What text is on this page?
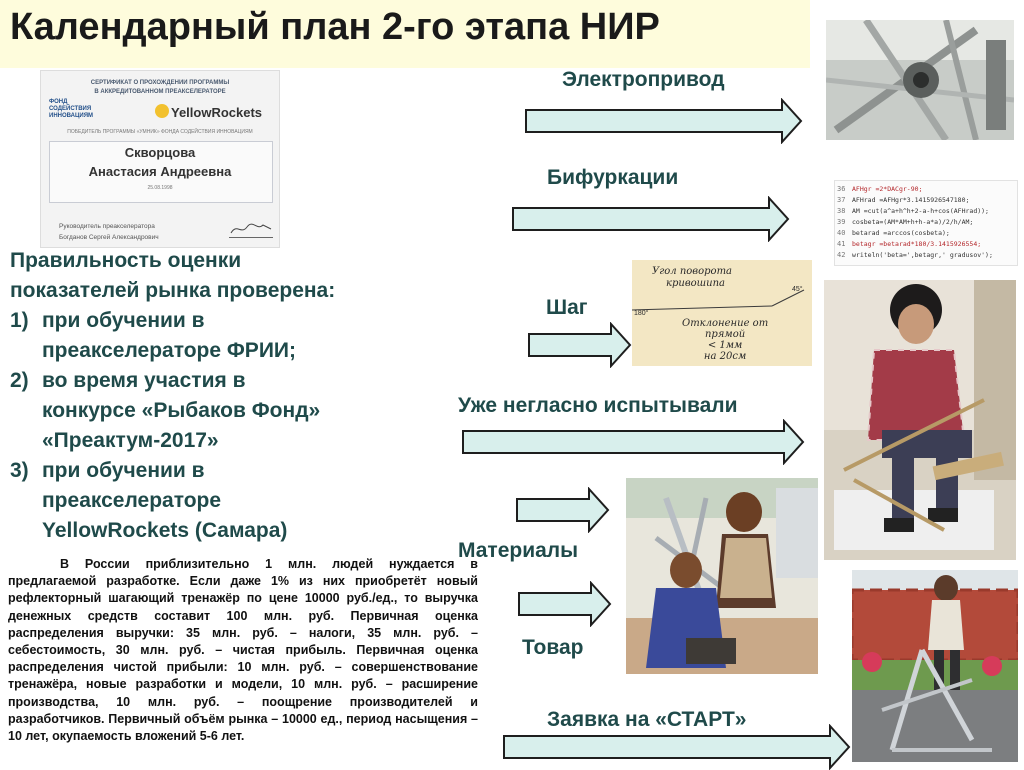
Календарный план 2-го этапа НИР
СЕРТИФИКАТ О ПРОХОЖДЕНИИ ПРОГРАММЫ
В АККРЕДИТОВАННОМ ПРЕАКСЕЛЕРАТОРЕ
ФОНД СОДЕЙСТВИЯ
ИННОВАЦИЯМ	YellowRockets
ПОБЕДИТЕЛЬ ПРОГРАММЫ «УМНИК» ФОНДА СОДЕЙСТВИЯ ИННОВАЦИЯМ
Скворцова
Анастасия Андреевна
25.08.1998
Руководитель преакселератора
Богданов Сергей Александрович
Правильность оценки
показателей рынка проверена:
1) при обучении в
преакселераторе ФРИИ;
2) во время участия в
конкурсе «Рыбаков Фонд»
«Преактум-2017»
3) при обучении в
преакселераторе
YellowRockets (Самара)
В России приблизительно 1 млн. людей нуждается в предлагаемой разработке. Если даже 1% из них приобретёт новый рефлекторный шагающий тренажёр по цене 10000 руб./ед., то выручка денежных средств составит 100 млн. руб. Первичная оценка распределения выручки: 35 млн. руб. – налоги, 35 млн. руб. – себестоимость, 30 млн. руб. – чистая прибыль. Первичная оценка распределения чистой прибыли: 10 млн. руб. – совершенствование тренажёра, новые разработки и модели, 10 млн. руб. – расширение производства, 10 млн. руб. – поощрение производителей и разработчиков. Первичный объём рынка – 10000 ед., период насыщения – 10 лет, окупаемость вложений 5-6 лет.
Электропривод
Бифуркации
Шаг
Уже негласно испытывали
Материалы
Товар
Заявка на «СТАРТ»
36
37
38
39
40
41
42
AFHgr =2*DACgr-90;
AFHrad =AFHgr*3.1415926547180;
AM =cut(a^a+h^h+2-a-h+cos(AFHrad));
cosbeta=(AM*AM+h+h-a*a)/2/h/AM;
betarad =arccos(cosbeta);
betagr =betarad*180/3.1415926554;
writeln('beta=',betagr,' gradusov');
Угол поворота
кривошипа
180°
45°
Отклонение от
прямой
< 1мм
на 20см
